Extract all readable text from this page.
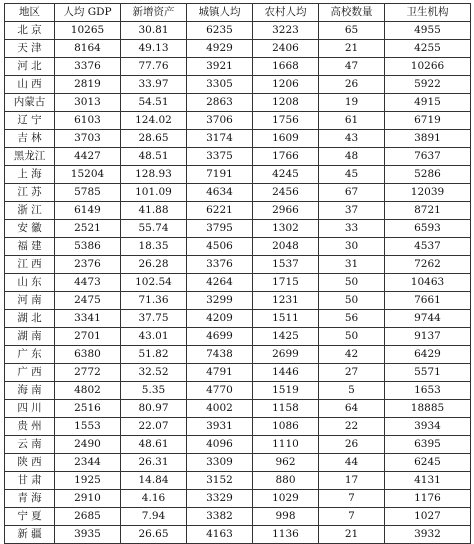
地区	人均 GDP	新增资产	城镇人均	农村人均	高校数量	卫生机构
北 京	10265	30.81	6235	3223	65	4955
天 津	8164	49.13	4929	2406	21	4255
河 北	3376	77.76	3921	1668	47	10266
山 西	2819	33.97	3305	1206	26	5922
内蒙古	3013	54.51	2863	1208	19	4915
辽 宁	6103	124.02	3706	1756	61	6719
吉 林	3703	28.65	3174	1609	43	3891
黑龙江	4427	48.51	3375	1766	48	7637
上 海	15204	128.93	7191	4245	45	5286
江 苏	5785	101.09	4634	2456	67	12039
浙 江	6149	41.88	6221	2966	37	8721
安 徽	2521	55.74	3795	1302	33	6593
福 建	5386	18.35	4506	2048	30	4537
江 西	2376	26.28	3376	1537	31	7262
山 东	4473	102.54	4264	1715	50	10463
河 南	2475	71.36	3299	1231	50	7661
湖 北	3341	37.75	4209	1511	56	9744
湖 南	2701	43.01	4699	1425	50	9137
广 东	6380	51.82	7438	2699	42	6429
广 西	2772	32.52	4791	1446	27	5571
海 南	4802	5.35	4770	1519	5	1653
四 川	2516	80.97	4002	1158	64	18885
贵 州	1553	22.07	3931	1086	22	3934
云 南	2490	48.61	4096	1110	26	6395
陕 西	2344	26.31	3309	962	44	6245
甘 肃	1925	14.84	3152	880	17	4131
青 海	2910	4.16	3329	1029	7	1176
宁 夏	2685	7.94	3382	998	7	1027
新 疆	3935	26.65	4163	1136	21	3932
